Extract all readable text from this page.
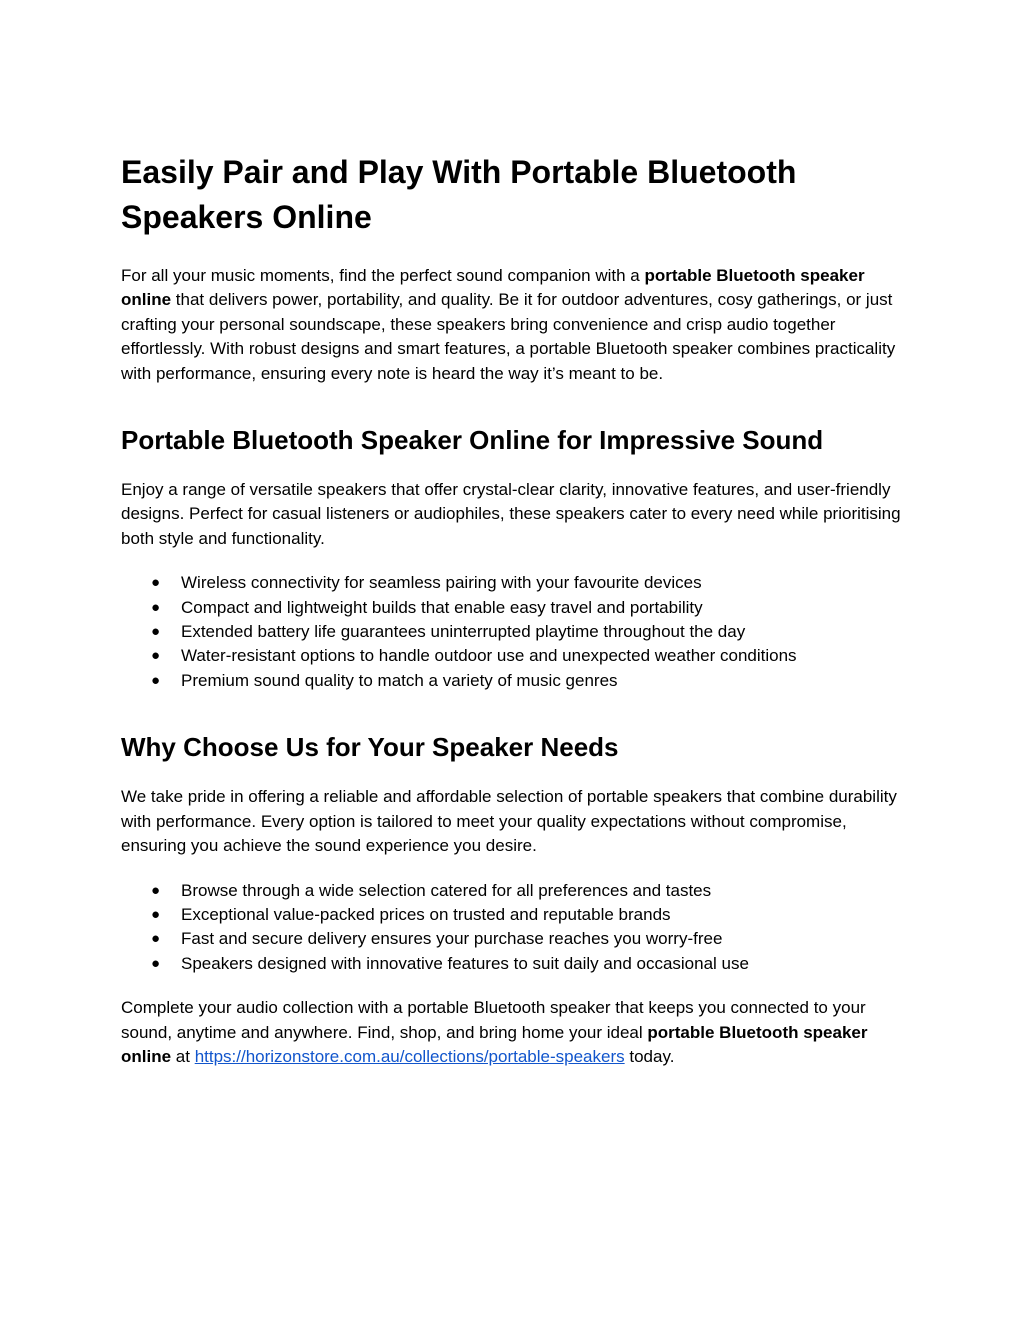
Easily Pair and Play With Portable Bluetooth Speakers Online

For all your music moments, find the perfect sound companion with a portable Bluetooth speaker online that delivers power, portability, and quality. Be it for outdoor adventures, cosy gatherings, or just crafting your personal soundscape, these speakers bring convenience and crisp audio together effortlessly. With robust designs and smart features, a portable Bluetooth speaker combines practicality with performance, ensuring every note is heard the way it’s meant to be.

Portable Bluetooth Speaker Online for Impressive Sound

Enjoy a range of versatile speakers that offer crystal-clear clarity, innovative features, and user-friendly designs. Perfect for casual listeners or audiophiles, these speakers cater to every need while prioritising both style and functionality.

● Wireless connectivity for seamless pairing with your favourite devices
● Compact and lightweight builds that enable easy travel and portability
● Extended battery life guarantees uninterrupted playtime throughout the day
● Water-resistant options to handle outdoor use and unexpected weather conditions
● Premium sound quality to match a variety of music genres
Why Choose Us for Your Speaker Needs

We take pride in offering a reliable and affordable selection of portable speakers that combine durability with performance. Every option is tailored to meet your quality expectations without compromise, ensuring you achieve the sound experience you desire.

● Browse through a wide selection catered for all preferences and tastes
● Exceptional value-packed prices on trusted and reputable brands
● Fast and secure delivery ensures your purchase reaches you worry-free
● Speakers designed with innovative features to suit daily and occasional use

Complete your audio collection with a portable Bluetooth speaker that keeps you connected to your sound, anytime and anywhere. Find, shop, and bring home your ideal portable Bluetooth speaker online at https://horizonstore.com.au/collections/portable-speakers today.
